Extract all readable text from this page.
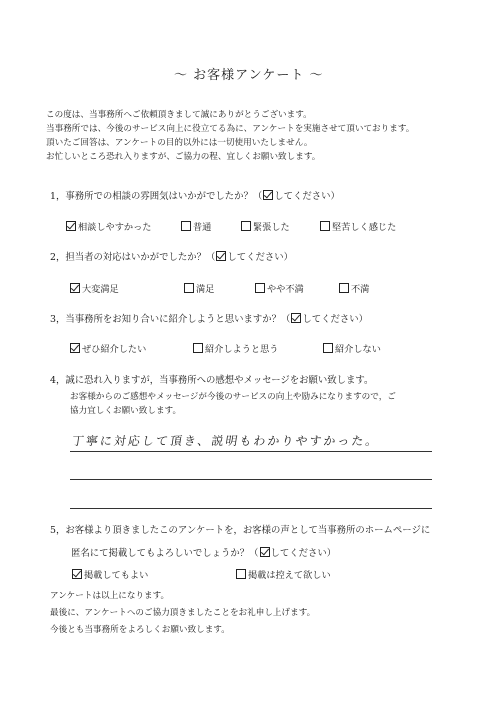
～ お客様アンケート ～
この度は、当事務所へご依頼頂きまして誠にありがとうございます。
当事務所では、今後のサービス向上に役立てる為に、アンケートを実施させて頂いております。
頂いたご回答は、アンケートの目的以外には一切使用いたしません。
お忙しいところ恐れ入りますが、ご協力の程、宜しくお願い致します。
1，事務所での相談の雰囲気はいかがでしたか？ （ してください）
相談しやすかった	普通	緊張した	堅苦しく感じた
2，担当者の対応はいかがでしたか？ （ してください）
大変満足	満足	やや不満	不満
3，当事務所をお知り合いに紹介しようと思いますか？ （ してください）
ぜひ紹介したい	紹介しようと思う	紹介しない
4，誠に恐れ入りますが，当事務所への感想やメッセージをお願い致します。
お客様からのご感想やメッセージが今後のサービスの向上や励みになりますので，ご
協力宜しくお願い致します。
丁寧に対応して頂き、説明もわかりやすかった。
5，お客様より頂きましたこのアンケートを，お客様の声として当事務所のホームページに
匿名にて掲載してもよろしいでしょうか？ （ してください）
掲載してもよい	掲載は控えて欲しい
アンケートは以上になります。
最後に、アンケートへのご協力頂きましたことをお礼申し上げます。
今後とも当事務所をよろしくお願い致します。
